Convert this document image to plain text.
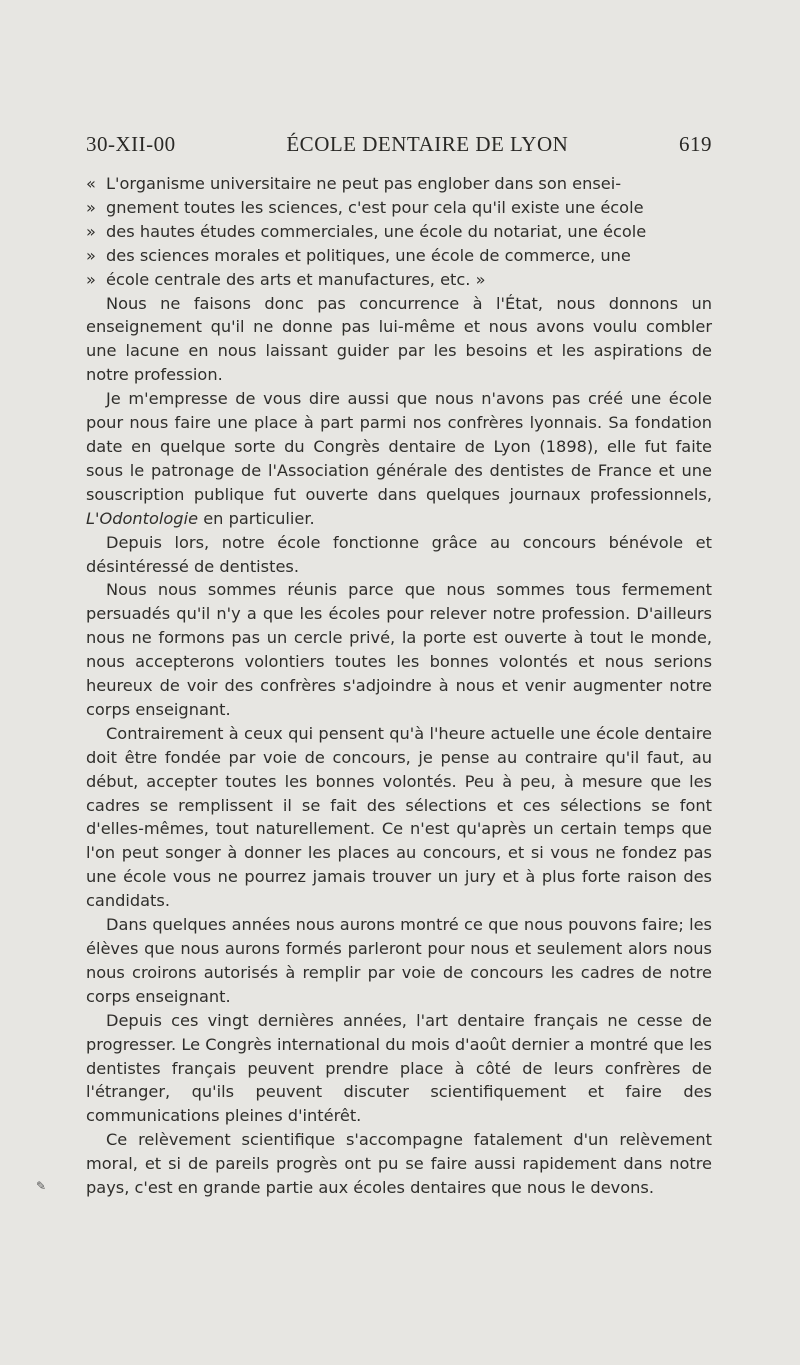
30-XII-00	ÉCOLE DENTAIRE DE LYON	619
« L'organisme universitaire ne peut pas englober dans son ensei-
» gnement toutes les sciences, c'est pour cela qu'il existe une école
» des hautes études commerciales, une école du notariat, une école
» des sciences morales et politiques, une école de commerce, une
» école centrale des arts et manufactures, etc. »

Nous ne faisons donc pas concurrence à l'État, nous donnons un enseignement qu'il ne donne pas lui-même et nous avons voulu combler une lacune en nous laissant guider par les besoins et les aspirations de notre profession.

Je m'empresse de vous dire aussi que nous n'avons pas créé une école pour nous faire une place à part parmi nos confrères lyonnais. Sa fondation date en quelque sorte du Congrès dentaire de Lyon (1898), elle fut faite sous le patronage de l'Association générale des dentistes de France et une souscription publique fut ouverte dans quelques journaux professionnels, L'Odontologie en particulier.

Depuis lors, notre école fonctionne grâce au concours bénévole et désintéressé de dentistes.

Nous nous sommes réunis parce que nous sommes tous fermement persuadés qu'il n'y a que les écoles pour relever notre profession. D'ailleurs nous ne formons pas un cercle privé, la porte est ouverte à tout le monde, nous accepterons volontiers toutes les bonnes volontés et nous serions heureux de voir des confrères s'adjoindre à nous et venir augmenter notre corps enseignant.

Contrairement à ceux qui pensent qu'à l'heure actuelle une école dentaire doit être fondée par voie de concours, je pense au contraire qu'il faut, au début, accepter toutes les bonnes volontés. Peu à peu, à mesure que les cadres se remplissent il se fait des sélections et ces sélections se font d'elles-mêmes, tout naturellement. Ce n'est qu'après un certain temps que l'on peut songer à donner les places au concours, et si vous ne fondez pas une école vous ne pourrez jamais trouver un jury et à plus forte raison des candidats.

Dans quelques années nous aurons montré ce que nous pouvons faire; les élèves que nous aurons formés parleront pour nous et seulement alors nous nous croirons autorisés à remplir par voie de concours les cadres de notre corps enseignant.

Depuis ces vingt dernières années, l'art dentaire français ne cesse de progresser. Le Congrès international du mois d'août dernier a montré que les dentistes français peuvent prendre place à côté de leurs confrères de l'étranger, qu'ils peuvent discuter scientifiquement et faire des communications pleines d'intérêt.

Ce relèvement scientifique s'accompagne fatalement d'un relèvement moral, et si de pareils progrès ont pu se faire aussi rapidement dans notre pays, c'est en grande partie aux écoles dentaires que nous le devons.

✎
